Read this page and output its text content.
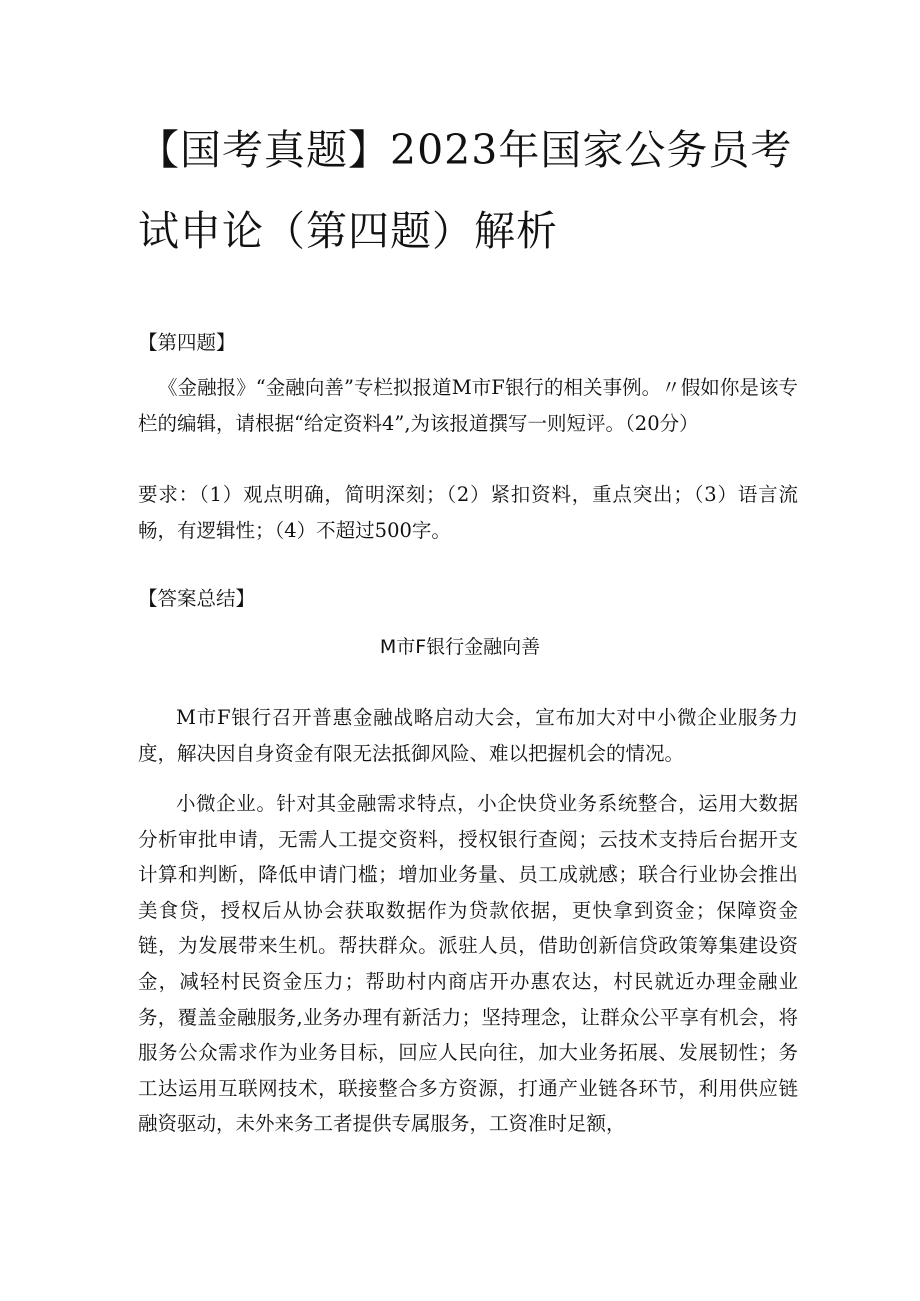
【国考真题】2023年国家公务员考
试申论（第四题）解析

【第四题】

《金融报》“金融向善”专栏拟报道M市F银行的相关事例。〃假如你是该专栏的编辑，请根据“给定资料4”,为该报道撰写一则短评。（20分）

要求：（1）观点明确，简明深刻；（2）紧扣资料，重点突出；（3）语言流畅，有逻辑性；（4）不超过500字。

【答案总结】

M市F银行金融向善

M市F银行召开普惠金融战略启动大会，宣布加大对中小微企业服务力度，解决因自身资金有限无法抵御风险、难以把握机会的情况。

小微企业。针对其金融需求特点，小企快贷业务系统整合，运用大数据分析审批申请，无需人工提交资料，授权银行查阅；云技术支持后台据开支计算和判断，降低申请门槛；增加业务量、员工成就感；联合行业协会推出美食贷，授权后从协会获取数据作为贷款依据，更快拿到资金；保障资金链，为发展带来生机。帮扶群众。派驻人员，借助创新信贷政策筹集建设资金，减轻村民资金压力；帮助村内商店开办惠农达，村民就近办理金融业务，覆盖金融服务,业务办理有新活力；坚持理念，让群众公平享有机会，将服务公众需求作为业务目标，回应人民向往，加大业务拓展、发展韧性；务工达运用互联网技术，联接整合多方资源，打通产业链各环节，利用供应链融资驱动，未外来务工者提供专属服务，工资准时足额，
